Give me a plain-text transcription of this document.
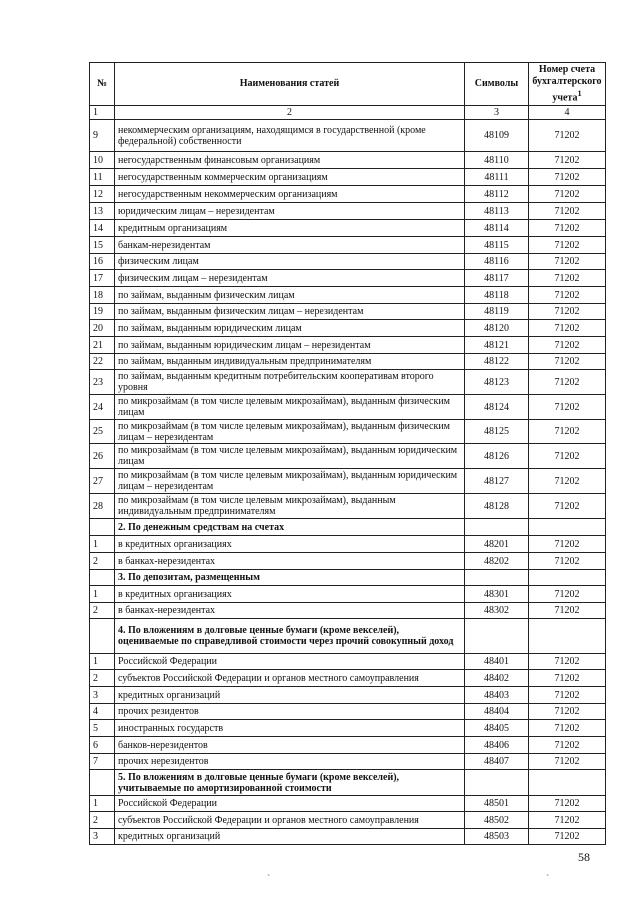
№	Наименования статей	Символы	Номер счета бухгалтерского учета$^1$
1	2	3	4
9	некоммерческим организациям, находящимся в государственной (кроме федеральной) собственности	48109	71202
10	негосударственным финансовым организациям	48110	71202
11	негосударственным коммерческим организациям	48111	71202
12	негосударственным некоммерческим организациям	48112	71202
13	юридическим лицам – нерезидентам	48113	71202
14	кредитным организациям	48114	71202
15	банкам-нерезидентам	48115	71202
16	физическим лицам	48116	71202
17	физическим лицам – нерезидентам	48117	71202
18	по займам, выданным физическим лицам	48118	71202
19	по займам, выданным физическим лицам – нерезидентам	48119	71202
20	по займам, выданным юридическим лицам	48120	71202
21	по займам, выданным юридическим лицам – нерезидентам	48121	71202
22	по займам, выданным индивидуальным предпринимателям	48122	71202
23	по займам, выданным кредитным потребительским кооперативам второго уровня	48123	71202
24	по микрозаймам (в том числе целевым микрозаймам), выданным физическим лицам	48124	71202
25	по микрозаймам (в том числе целевым микрозаймам), выданным физическим лицам – нерезидентам	48125	71202
26	по микрозаймам (в том числе целевым микрозаймам), выданным юридическим лицам	48126	71202
27	по микрозаймам (в том числе целевым микрозаймам), выданным юридическим лицам – нерезидентам	48127	71202
28	по микрозаймам (в том числе целевым микрозаймам), выданным индивидуальным предпринимателям	48128	71202
	2. По денежным средствам на счетах		
1	в кредитных организациях	48201	71202
2	в банках-нерезидентах	48202	71202
	3. По депозитам, размещенным		
1	в кредитных организациях	48301	71202
2	в банках-нерезидентах	48302	71202
	4. По вложениям в долговые ценные бумаги (кроме векселей), оцениваемые по справедливой стоимости через прочий совокупный доход		
1	Российской Федерации	48401	71202
2	субъектов Российской Федерации и органов местного самоуправления	48402	71202
3	кредитных организаций	48403	71202
4	прочих резидентов	48404	71202
5	иностранных государств	48405	71202
6	банков-нерезидентов	48406	71202
7	прочих нерезидентов	48407	71202
	5. По вложениям в долговые ценные бумаги (кроме векселей), учитываемые по амортизированной стоимости		
1	Российской Федерации	48501	71202
2	субъектов Российской Федерации и органов местного самоуправления	48502	71202
3	кредитных организаций	48503	71202
58
`	`
